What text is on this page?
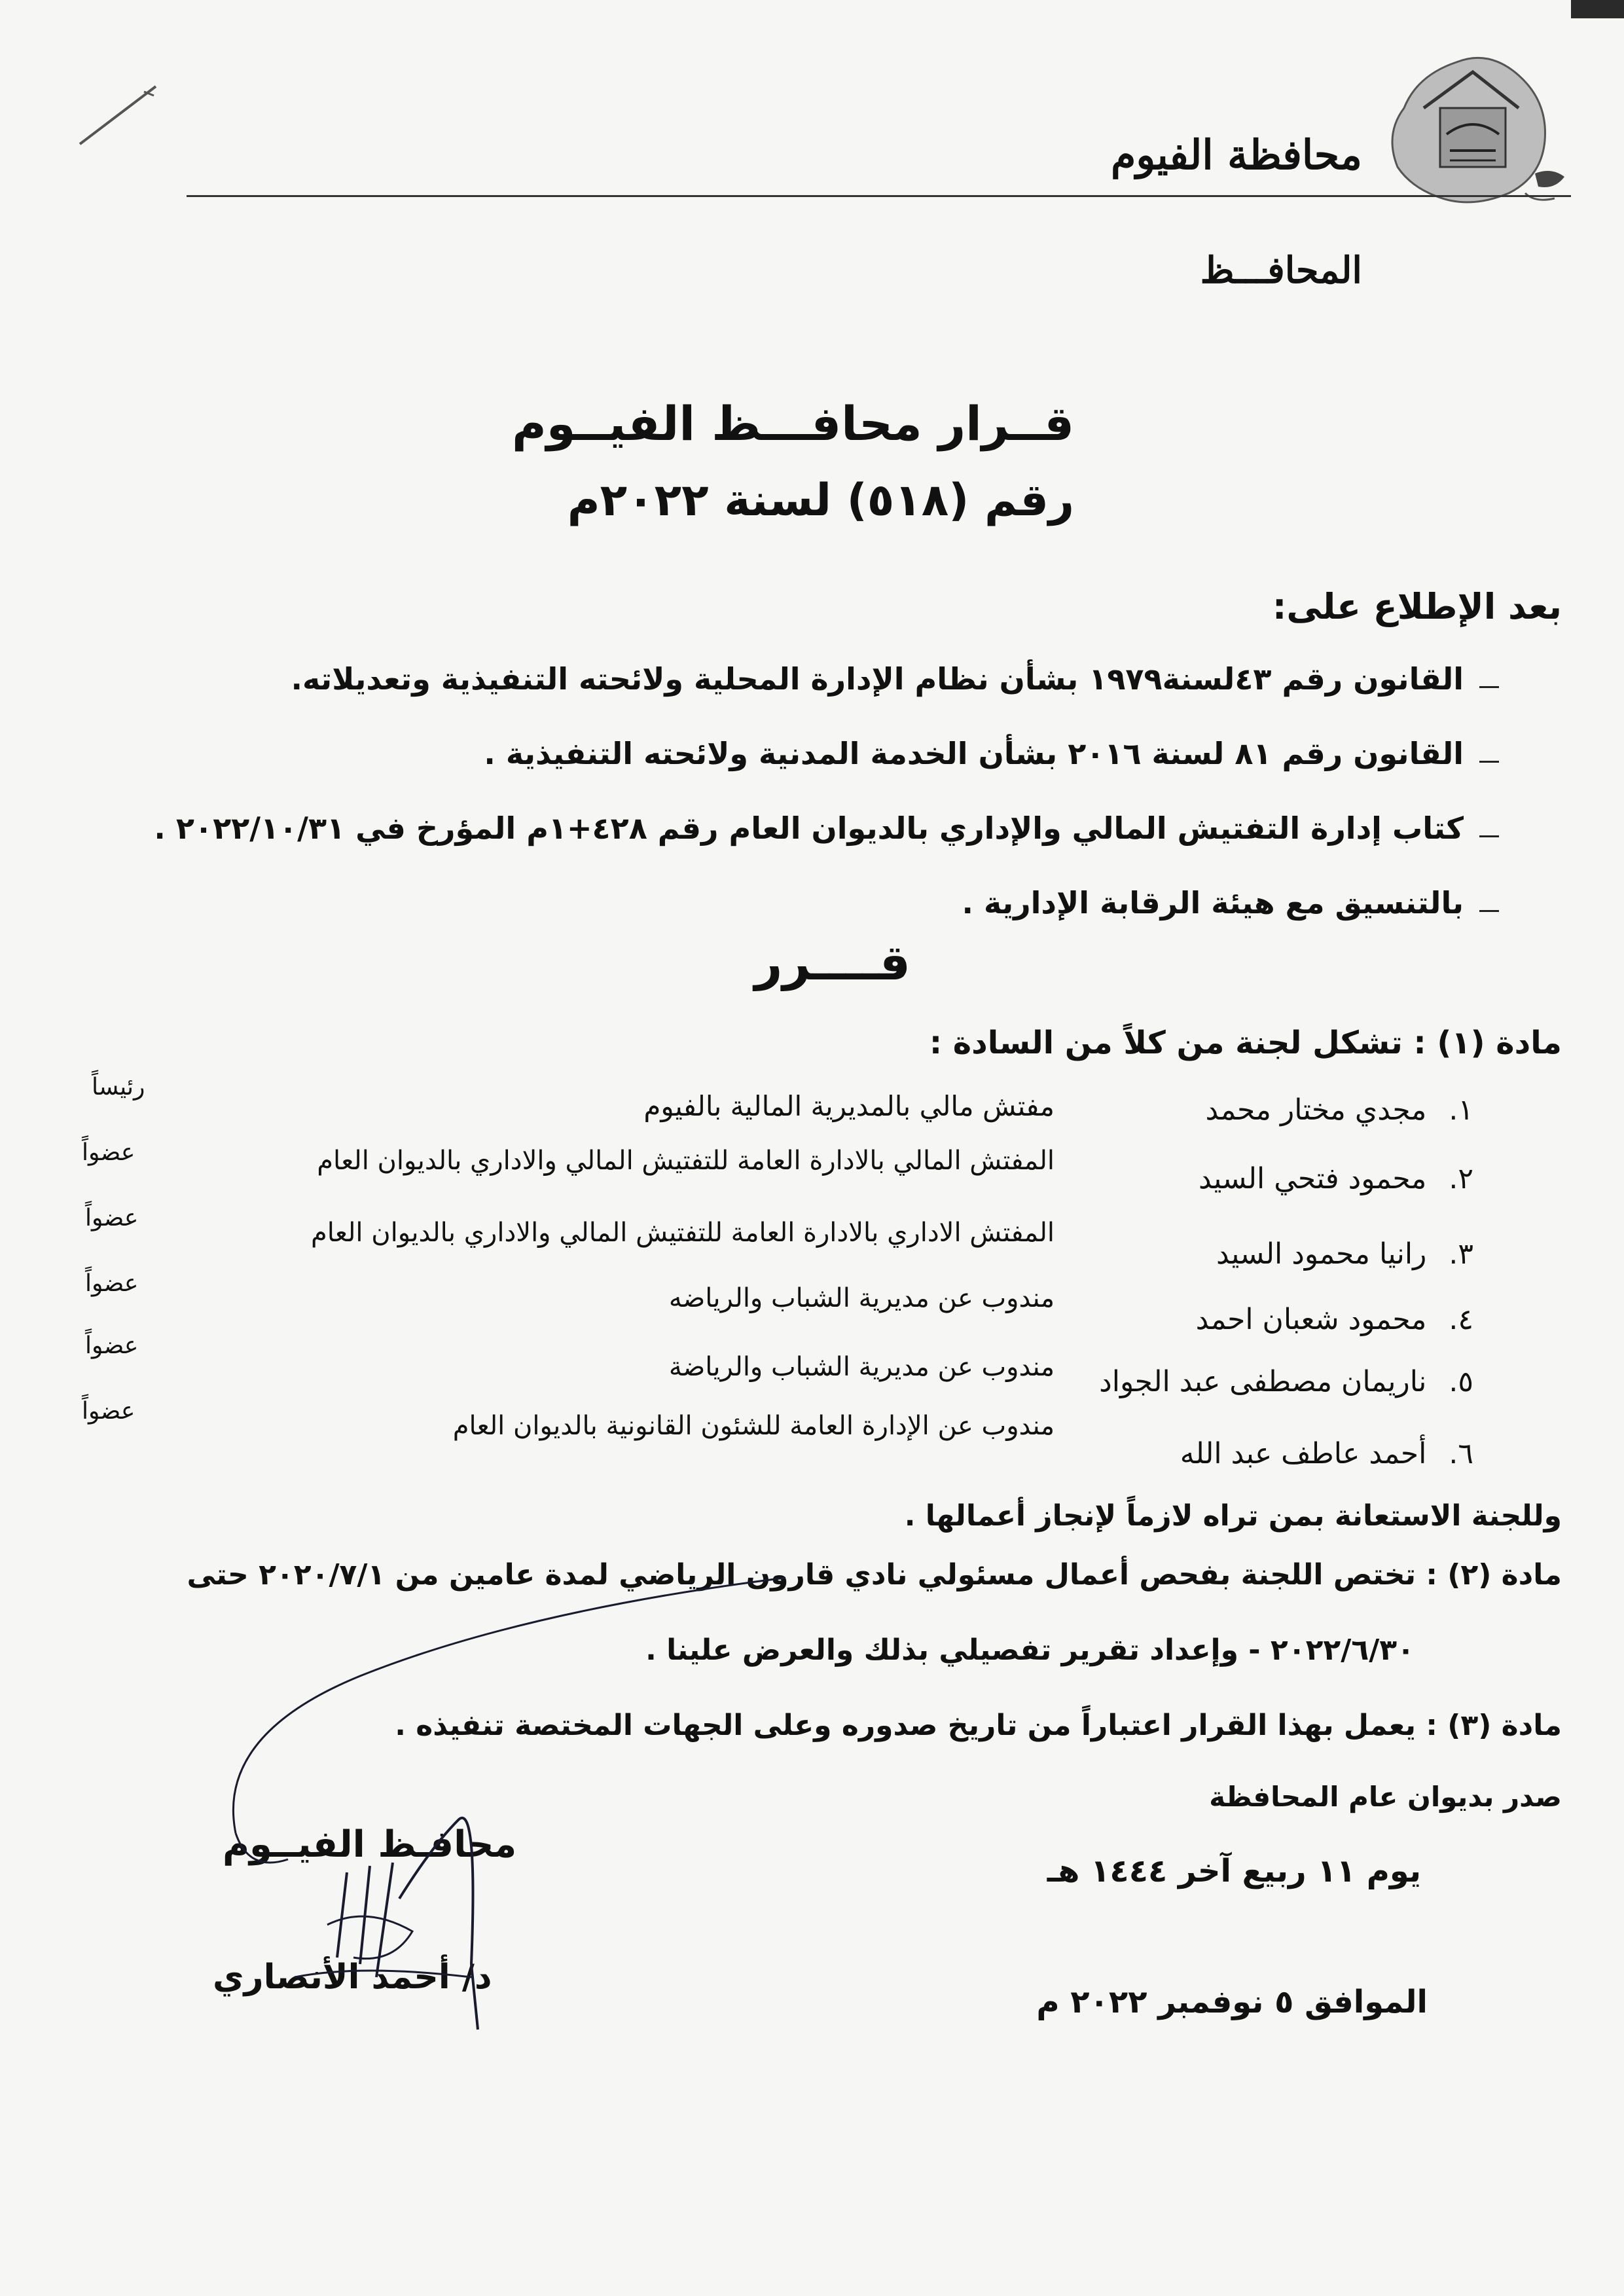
محافظة الفيوم
المحافـــظ
قــرار محافـــظ الفيــوم
رقم (٥١٨) لسنة ٢٠٢٢م
بعد الإطلاع على:
القانون رقم ٤٣لسنة١٩٧٩ بشأن نظام الإدارة المحلية ولائحته التنفيذية وتعديلاته.
القانون رقم ٨١ لسنة ٢٠١٦ بشأن الخدمة المدنية ولائحته التنفيذية .
كتاب إدارة التفتيش المالي والإداري بالديوان العام رقم ٤٢٨+١م المؤرخ في ٢٠٢٢/١٠/٣١ .
بالتنسيق مع هيئة الرقابة الإدارية .
قــــرر
مادة (١) : تشكل لجنة من كلاً من السادة :
١. مجدي مختار محمد
مفتش مالي بالمديرية المالية بالفيوم
رئيساً
٢. محمود فتحي السيد
المفتش المالي بالادارة العامة للتفتيش المالي والاداري بالديوان العام
عضواً
٣. رانيا محمود السيد
المفتش الاداري بالادارة العامة للتفتيش المالي والاداري بالديوان العام
عضواً
٤. محمود شعبان احمد
مندوب عن مديرية الشباب والرياضه
عضواً
٥. ناريمان مصطفى عبد الجواد
مندوب عن مديرية الشباب والرياضة
عضواً
٦. أحمد عاطف عبد الله
مندوب عن الإدارة العامة للشئون القانونية بالديوان العام
عضواً
وللجنة الاستعانة بمن تراه لازماً لإنجاز أعمالها .
مادة (٢) : تختص اللجنة بفحص أعمال مسئولي نادي قارون الرياضي لمدة عامين من ٢٠٢٠/٧/١ حتى
٢٠٢٢/٦/٣٠ - وإعداد تقرير تفصيلي بذلك والعرض علينا .
مادة (٣) : يعمل بهذا القرار اعتباراً من تاريخ صدوره وعلى الجهات المختصة تنفيذه .
صدر بديوان عام المحافظة
يوم ١١ ربيع آخر ١٤٤٤ هـ
الموافق ٥ نوفمبر ٢٠٢٢ م
محافـظ الفيــوم
د/ أحمد الأنصاري
